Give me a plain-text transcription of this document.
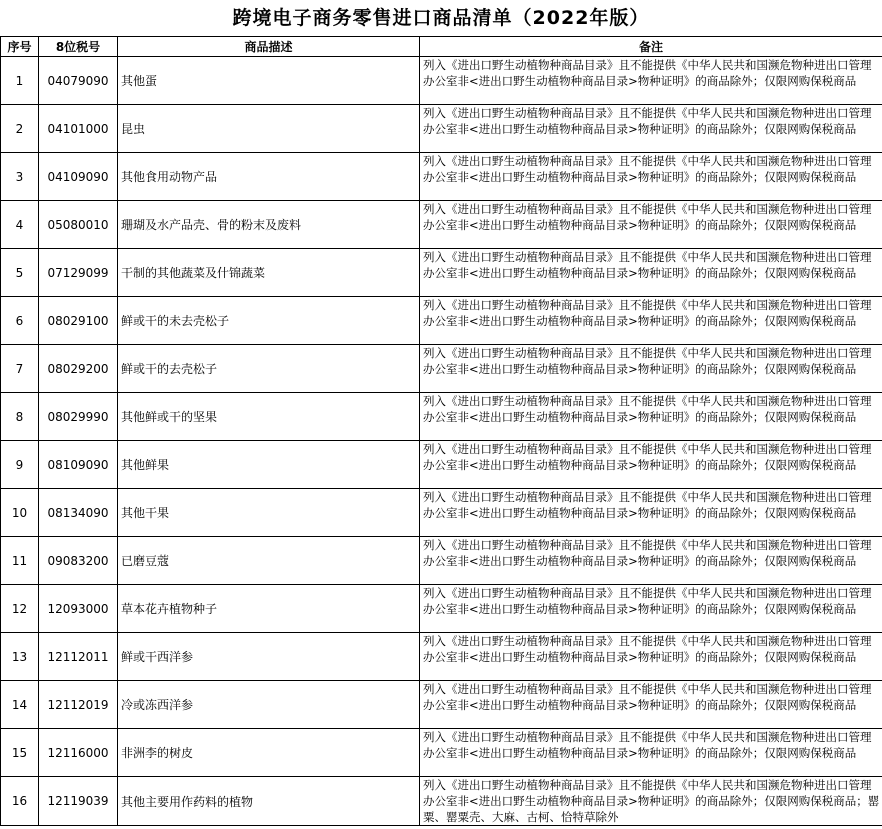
跨境电子商务零售进口商品清单（2022年版）
序号	8位税号	商品描述	备注
1	04079090	其他蛋	列入《进出口野生动植物种商品目录》且不能提供《中华人民共和国濒危物种进出口管理办公室非<进出口野生动植物种商品目录>物种证明》的商品除外；仅限网购保税商品
2	04101000	昆虫	列入《进出口野生动植物种商品目录》且不能提供《中华人民共和国濒危物种进出口管理办公室非<进出口野生动植物种商品目录>物种证明》的商品除外；仅限网购保税商品
3	04109090	其他食用动物产品	列入《进出口野生动植物种商品目录》且不能提供《中华人民共和国濒危物种进出口管理办公室非<进出口野生动植物种商品目录>物种证明》的商品除外；仅限网购保税商品
4	05080010	珊瑚及水产品壳、骨的粉末及废料	列入《进出口野生动植物种商品目录》且不能提供《中华人民共和国濒危物种进出口管理办公室非<进出口野生动植物种商品目录>物种证明》的商品除外；仅限网购保税商品
5	07129099	干制的其他蔬菜及什锦蔬菜	列入《进出口野生动植物种商品目录》且不能提供《中华人民共和国濒危物种进出口管理办公室非<进出口野生动植物种商品目录>物种证明》的商品除外；仅限网购保税商品
6	08029100	鲜或干的未去壳松子	列入《进出口野生动植物种商品目录》且不能提供《中华人民共和国濒危物种进出口管理办公室非<进出口野生动植物种商品目录>物种证明》的商品除外；仅限网购保税商品
7	08029200	鲜或干的去壳松子	列入《进出口野生动植物种商品目录》且不能提供《中华人民共和国濒危物种进出口管理办公室非<进出口野生动植物种商品目录>物种证明》的商品除外；仅限网购保税商品
8	08029990	其他鲜或干的坚果	列入《进出口野生动植物种商品目录》且不能提供《中华人民共和国濒危物种进出口管理办公室非<进出口野生动植物种商品目录>物种证明》的商品除外；仅限网购保税商品
9	08109090	其他鲜果	列入《进出口野生动植物种商品目录》且不能提供《中华人民共和国濒危物种进出口管理办公室非<进出口野生动植物种商品目录>物种证明》的商品除外；仅限网购保税商品
10	08134090	其他干果	列入《进出口野生动植物种商品目录》且不能提供《中华人民共和国濒危物种进出口管理办公室非<进出口野生动植物种商品目录>物种证明》的商品除外；仅限网购保税商品
11	09083200	已磨豆蔻	列入《进出口野生动植物种商品目录》且不能提供《中华人民共和国濒危物种进出口管理办公室非<进出口野生动植物种商品目录>物种证明》的商品除外；仅限网购保税商品
12	12093000	草本花卉植物种子	列入《进出口野生动植物种商品目录》且不能提供《中华人民共和国濒危物种进出口管理办公室非<进出口野生动植物种商品目录>物种证明》的商品除外；仅限网购保税商品
13	12112011	鲜或干西洋参	列入《进出口野生动植物种商品目录》且不能提供《中华人民共和国濒危物种进出口管理办公室非<进出口野生动植物种商品目录>物种证明》的商品除外；仅限网购保税商品
14	12112019	冷或冻西洋参	列入《进出口野生动植物种商品目录》且不能提供《中华人民共和国濒危物种进出口管理办公室非<进出口野生动植物种商品目录>物种证明》的商品除外；仅限网购保税商品
15	12116000	非洲李的树皮	列入《进出口野生动植物种商品目录》且不能提供《中华人民共和国濒危物种进出口管理办公室非<进出口野生动植物种商品目录>物种证明》的商品除外；仅限网购保税商品
16	12119039	其他主要用作药料的植物	列入《进出口野生动植物种商品目录》且不能提供《中华人民共和国濒危物种进出口管理办公室非<进出口野生动植物种商品目录>物种证明》的商品除外；仅限网购保税商品；罂粟、罂粟壳、大麻、古柯、恰特草除外
